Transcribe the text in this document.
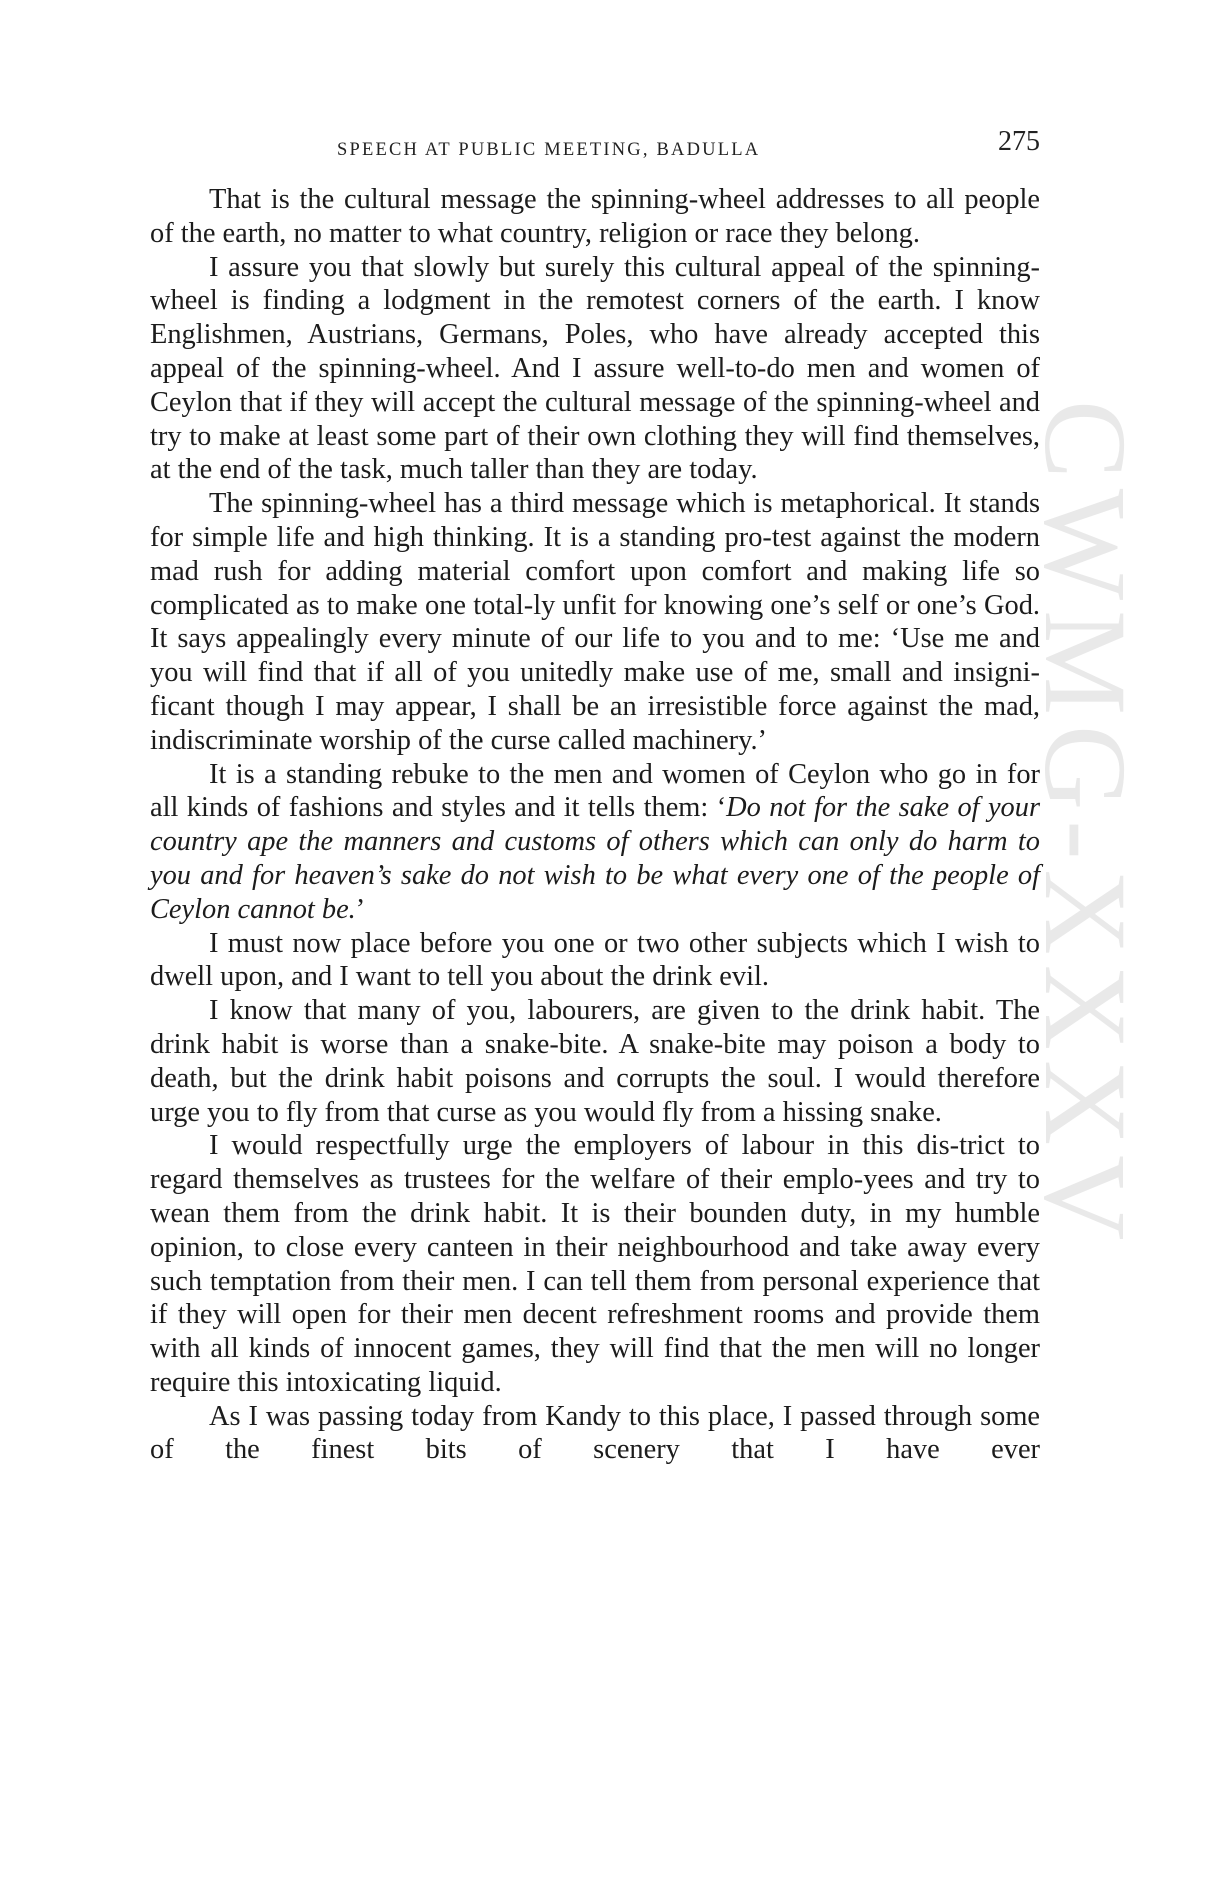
CWMG-XXXV
SPEECH AT PUBLIC MEETING, BADULLA	275

That is the cultural message the spinning-wheel addresses to all people of the earth, no matter to what country, religion or race they belong.

I assure you that slowly but surely this cultural appeal of the spinning-wheel is finding a lodgment in the remotest corners of the earth. I know Englishmen, Austrians, Germans, Poles, who have already accepted this appeal of the spinning-wheel. And I assure well-to-do men and women of Ceylon that if they will accept the cultural message of the spinning-wheel and try to make at least some part of their own clothing they will find themselves, at the end of the task, much taller than they are today.

The spinning-wheel has a third message which is metaphorical. It stands for simple life and high thinking. It is a standing pro-test against the modern mad rush for adding material comfort upon comfort and making life so complicated as to make one total-ly unfit for knowing one’s self or one’s God. It says appealingly every minute of our life to you and to me: ‘Use me and you will find that if all of you unitedly make use of me, small and insigni-ficant though I may appear, I shall be an irresistible force against the mad, indiscriminate worship of the curse called machinery.’

It is a standing rebuke to the men and women of Ceylon who go in for all kinds of fashions and styles and it tells them: ‘Do not for the sake of your country ape the manners and customs of others which can only do harm to you and for heaven’s sake do not wish to be what every one of the people of Ceylon cannot be.’

I must now place before you one or two other subjects which I wish to dwell upon, and I want to tell you about the drink evil.

I know that many of you, labourers, are given to the drink habit. The drink habit is worse than a snake-bite. A snake-bite may poison a body to death, but the drink habit poisons and corrupts the soul. I would therefore urge you to fly from that curse as you would fly from a hissing snake.

I would respectfully urge the employers of labour in this dis-trict to regard themselves as trustees for the welfare of their emplo-yees and try to wean them from the drink habit. It is their bounden duty, in my humble opinion, to close every canteen in their neighbourhood and take away every such temptation from their men. I can tell them from personal experience that if they will open for their men decent refreshment rooms and provide them with all kinds of innocent games, they will find that the men will no longer require this intoxicating liquid.

As I was passing today from Kandy to this place, I passed through some of the finest bits of scenery that I have ever
